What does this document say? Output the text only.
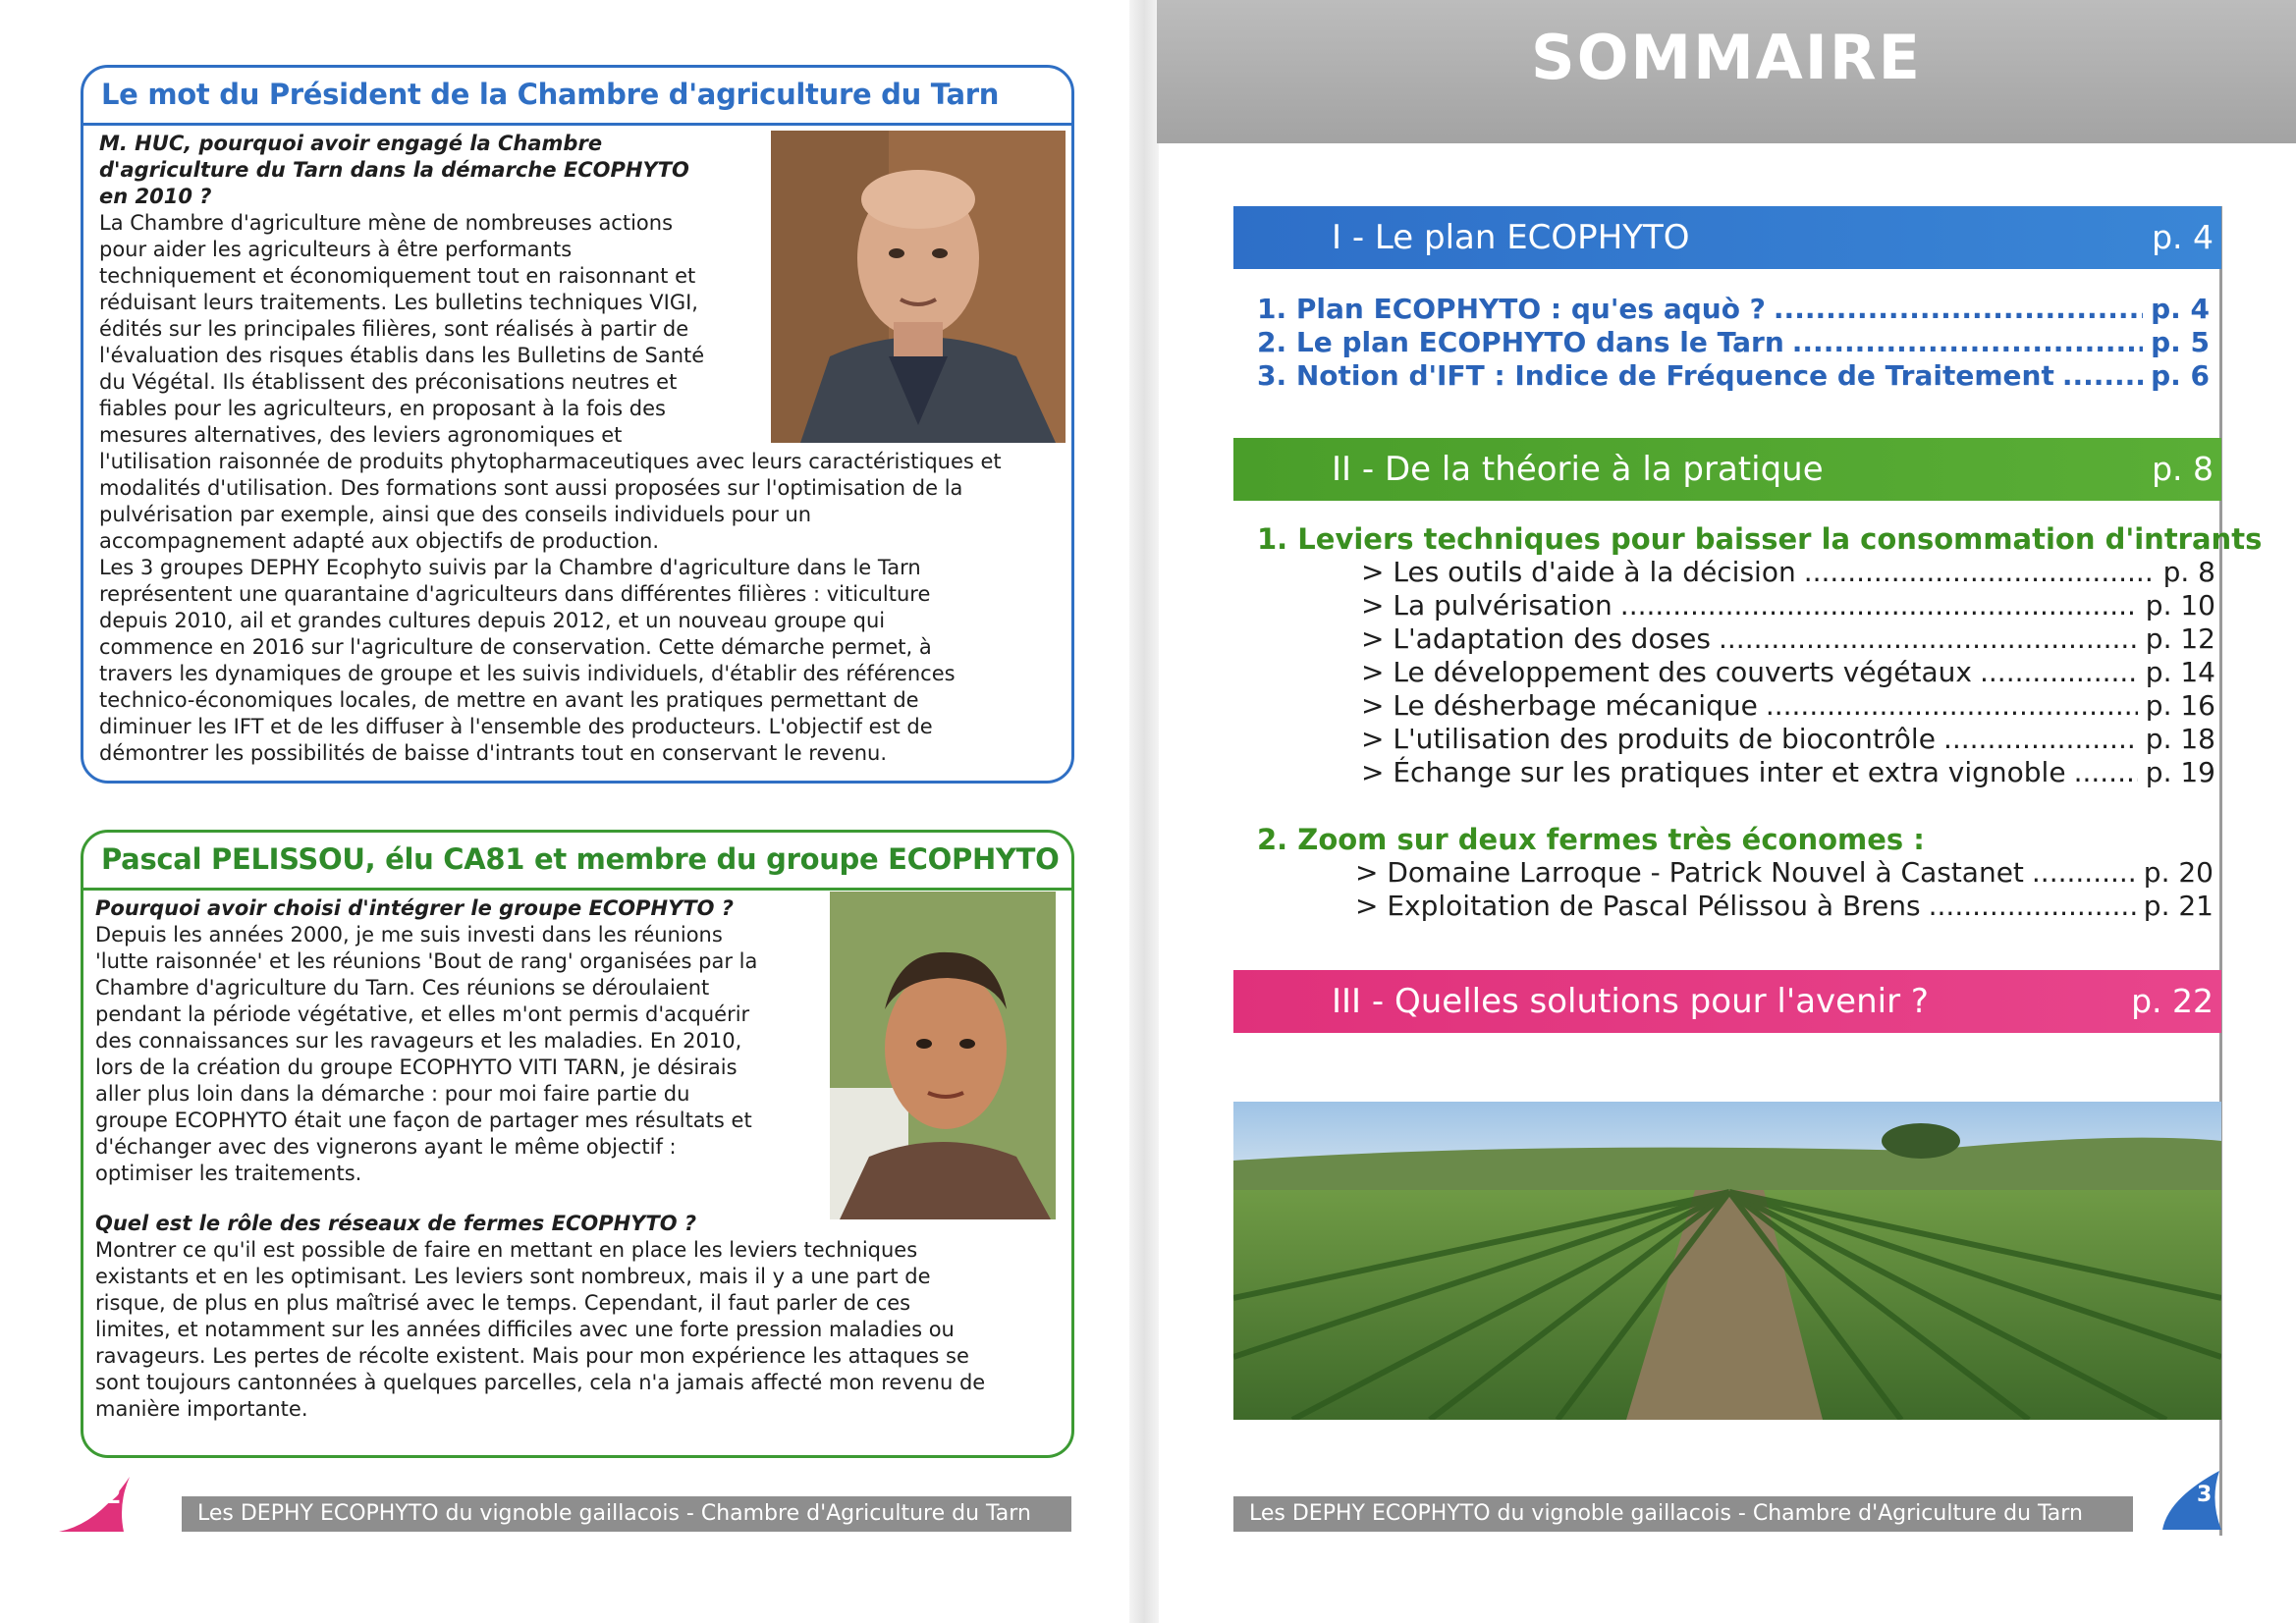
Le mot du Président de la Chambre d'agriculture du Tarn
M. HUC, pourquoi avoir engagé la Chambre
d'agriculture du Tarn dans la démarche ECOPHYTO
en 2010 ?
La Chambre d'agriculture mène de nombreuses actions
pour aider les agriculteurs à être performants
techniquement et économiquement tout en raisonnant et
réduisant leurs traitements. Les bulletins techniques VIGI,
édités sur les principales filières, sont réalisés à partir de
l'évaluation des risques établis dans les Bulletins de Santé
du Végétal. Ils établissent des préconisations neutres et
fiables pour les agriculteurs, en proposant à la fois des
mesures alternatives, des leviers agronomiques et
l'utilisation raisonnée de produits phytopharmaceutiques avec leurs caractéristiques et
modalités d'utilisation. Des formations sont aussi proposées sur l'optimisation de la
pulvérisation par exemple, ainsi que des conseils individuels pour un
accompagnement adapté aux objectifs de production.
Les 3 groupes DEPHY Ecophyto suivis par la Chambre d'agriculture dans le Tarn
représentent une quarantaine d'agriculteurs dans différentes filières : viticulture
depuis 2010, ail et grandes cultures depuis 2012, et un nouveau groupe qui
commence en 2016 sur l'agriculture de conservation. Cette démarche permet, à
travers les dynamiques de groupe et les suivis individuels, d'établir des références
technico-économiques locales, de mettre en avant les pratiques permettant de
diminuer les IFT et de les diffuser à l'ensemble des producteurs. L'objectif est de
démontrer les possibilités de baisse d'intrants tout en conservant le revenu.
Pascal PELISSOU, élu CA81 et membre du groupe ECOPHYTO
Pourquoi avoir choisi d'intégrer le groupe ECOPHYTO ?
Depuis les années 2000, je me suis investi dans les réunions
'lutte raisonnée' et les réunions 'Bout de rang' organisées par la
Chambre d'agriculture du Tarn. Ces réunions se déroulaient
pendant la période végétative, et elles m'ont permis d'acquérir
des connaissances sur les ravageurs et les maladies. En 2010,
lors de la création du groupe ECOPHYTO VITI TARN, je désirais
aller plus loin dans la démarche : pour moi faire partie du
groupe ECOPHYTO était une façon de partager mes résultats et
d'échanger avec des vignerons ayant le même objectif :
optimiser les traitements.
Quel est le rôle des réseaux de fermes ECOPHYTO ?
Montrer ce qu'il est possible de faire en mettant en place les leviers techniques
existants et en les optimisant. Les leviers sont nombreux, mais il y a une part de
risque, de plus en plus maîtrisé avec le temps. Cependant, il faut parler de ces
limites, et notamment sur les années difficiles avec une forte pression maladies ou
ravageurs. Les pertes de récolte existent. Mais pour mon expérience les attaques se
sont toujours cantonnées à quelques parcelles, cela n'a jamais affecté mon revenu de
manière importante.
2
Les DEPHY ECOPHYTO du vignoble gaillacois - Chambre d'Agriculture du Tarn
SOMMAIRE
I - Le plan ECOPHYTO	p. 4
1. Plan ECOPHYTO : qu'es aquò ? .....	p. 4
2. Le plan ECOPHYTO dans le Tarn .....	p. 5
3. Notion d'IFT : Indice de Fréquence de Traitement .....	p. 6
II - De la théorie à la pratique	p. 8
1. Leviers techniques pour baisser la consommation d'intrants
> Les outils d'aide à la décision .....	p. 8
> La pulvérisation .....	p. 10
> L'adaptation des doses .....	p. 12
> Le développement des couverts végétaux .....	p. 14
> Le désherbage mécanique .....	p. 16
> L'utilisation des produits de biocontrôle .....	p. 18
> Échange sur les pratiques inter et extra vignoble .....	p. 19
2. Zoom sur deux fermes très économes :
> Domaine Larroque - Patrick Nouvel à Castanet .....	p. 20
> Exploitation de Pascal Pélissou à Brens .....	p. 21
III - Quelles solutions pour l'avenir ?	p. 22
Les DEPHY ECOPHYTO du vignoble gaillacois - Chambre d'Agriculture du Tarn
3
